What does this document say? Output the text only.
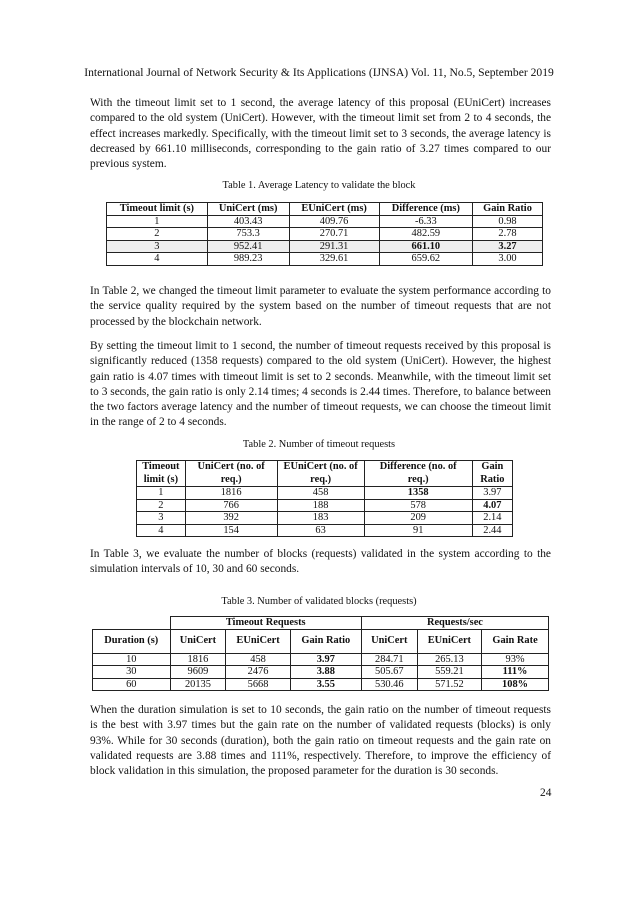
International Journal of Network Security & Its Applications (IJNSA) Vol. 11, No.5, September 2019

With the timeout limit set to 1 second, the average latency of this proposal (EUniCert) increases compared to the old system (UniCert). However, with the timeout limit set from 2 to 4 seconds, the effect increases markedly. Specifically, with the timeout limit set to 3 seconds, the average latency is decreased by 661.10 milliseconds, corresponding to the gain ratio of 3.27 times compared to our previous system.

Table 1. Average Latency to validate the block
Timeout limit (s)	UniCert (ms)	EUniCert (ms)	Difference (ms)	Gain Ratio
1	403.43	409.76	-6.33	0.98
2	753.3	270.71	482.59	2.78
3	952.41	291.31	661.10	3.27
4	989.23	329.61	659.62	3.00

In Table 2, we changed the timeout limit parameter to evaluate the system performance according to the service quality required by the system based on the number of timeout requests that are not processed by the blockchain network.

By setting the timeout limit to 1 second, the number of timeout requests received by this proposal is significantly reduced (1358 requests) compared to the old system (UniCert). However, the highest gain ratio is 4.07 times with timeout limit is set to 2 seconds. Meanwhile, with the timeout limit set to 3 seconds, the gain ratio is only 2.14 times; 4 seconds is 2.44 times. Therefore, to balance between the two factors average latency and the number of timeout requests, we can choose the timeout limit in the range of 2 to 4 seconds.

Table 2. Number of timeout requests
Timeout limit (s)	UniCert (no. of req.)	EUniCert (no. of req.)	Difference (no. of req.)	Gain Ratio
1	1816	458	1358	3.97
2	766	188	578	4.07
3	392	183	209	2.14
4	154	63	91	2.44

In Table 3, we evaluate the number of blocks (requests) validated in the system according to the simulation intervals of 10, 30 and 60 seconds.

Table 3. Number of validated blocks (requests)
	Timeout Requests			Requests/sec		
Duration (s)	UniCert	EUniCert	Gain Ratio	UniCert	EUniCert	Gain Rate
10	1816	458	3.97	284.71	265.13	93%
30	9609	2476	3.88	505.67	559.21	111%
60	20135	5668	3.55	530.46	571.52	108%

When the duration simulation is set to 10 seconds, the gain ratio on the number of timeout requests is the best with 3.97 times but the gain rate on the number of validated requests (blocks) is only 93%. While for 30 seconds (duration), both the gain ratio on timeout requests and the gain rate on validated requests are 3.88 times and 111%, respectively. Therefore, to improve the efficiency of block validation in this simulation, the proposed parameter for the duration is 30 seconds.

24
